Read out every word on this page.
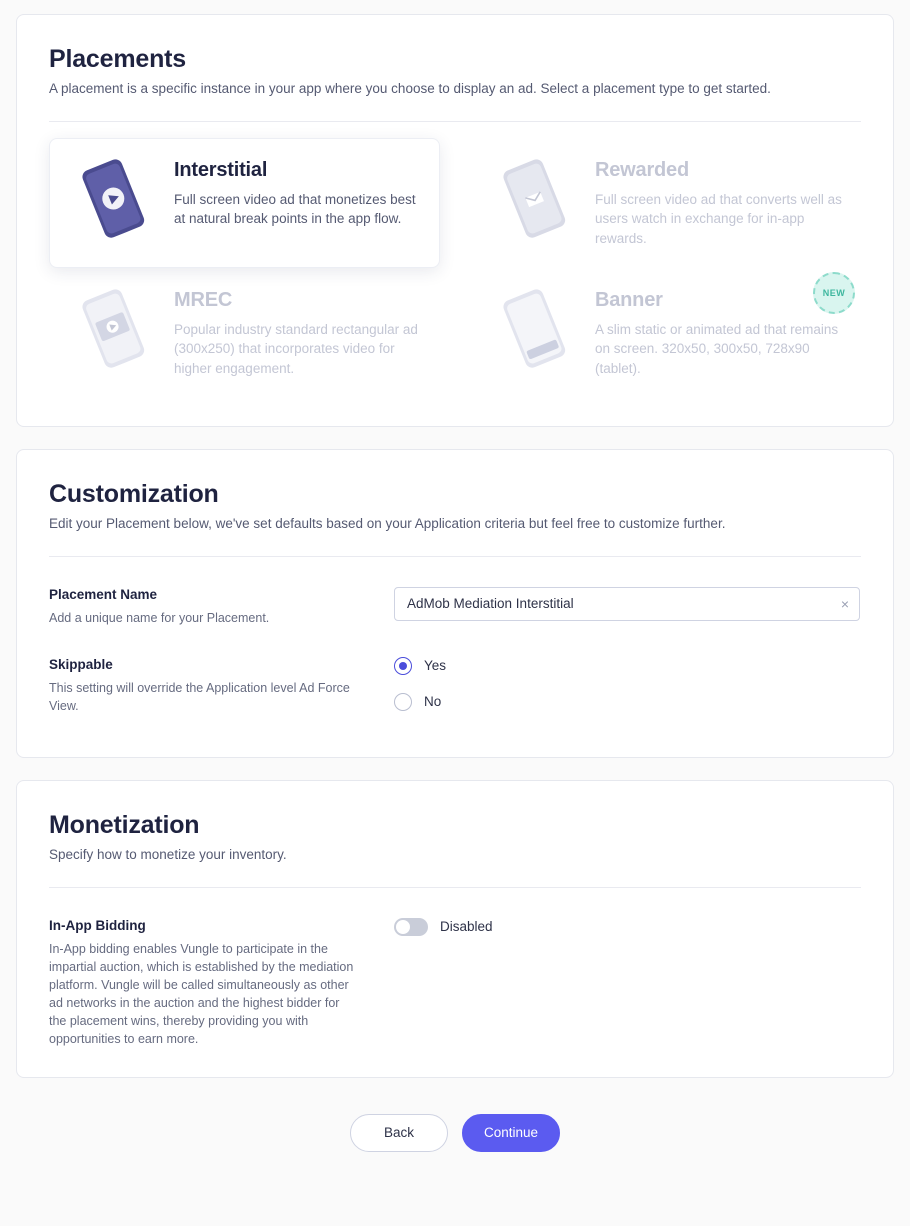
Placements

A placement is a specific instance in your app where you choose to display an ad. Select a placement type to get started.

Interstitial

Full screen video ad that monetizes best at natural break points in the app flow.

Rewarded

Full screen video ad that converts well as users watch in exchange for in-app rewards.

MREC

Popular industry standard rectangular ad (300x250) that incorporates video for higher engagement.

Banner

A slim static or animated ad that remains on screen. 320x50, 300x50, 728x90 (tablet).

NEW
Customization

Edit your Placement below, we've set defaults based on your Application criteria but feel free to customize further.

Placement Name
Add a unique name for your Placement.
AdMob Mediation Interstitial
×
Skippable
This setting will override the Application level Ad Force View.
Yes
No
Monetization

Specify how to monetize your inventory.

In-App Bidding
In-App bidding enables Vungle to participate in the impartial auction, which is established by the mediation platform. Vungle will be called simultaneously as other ad networks in the auction and the highest bidder for the placement wins, thereby providing you with opportunities to earn more.
Disabled
Back	Continue
